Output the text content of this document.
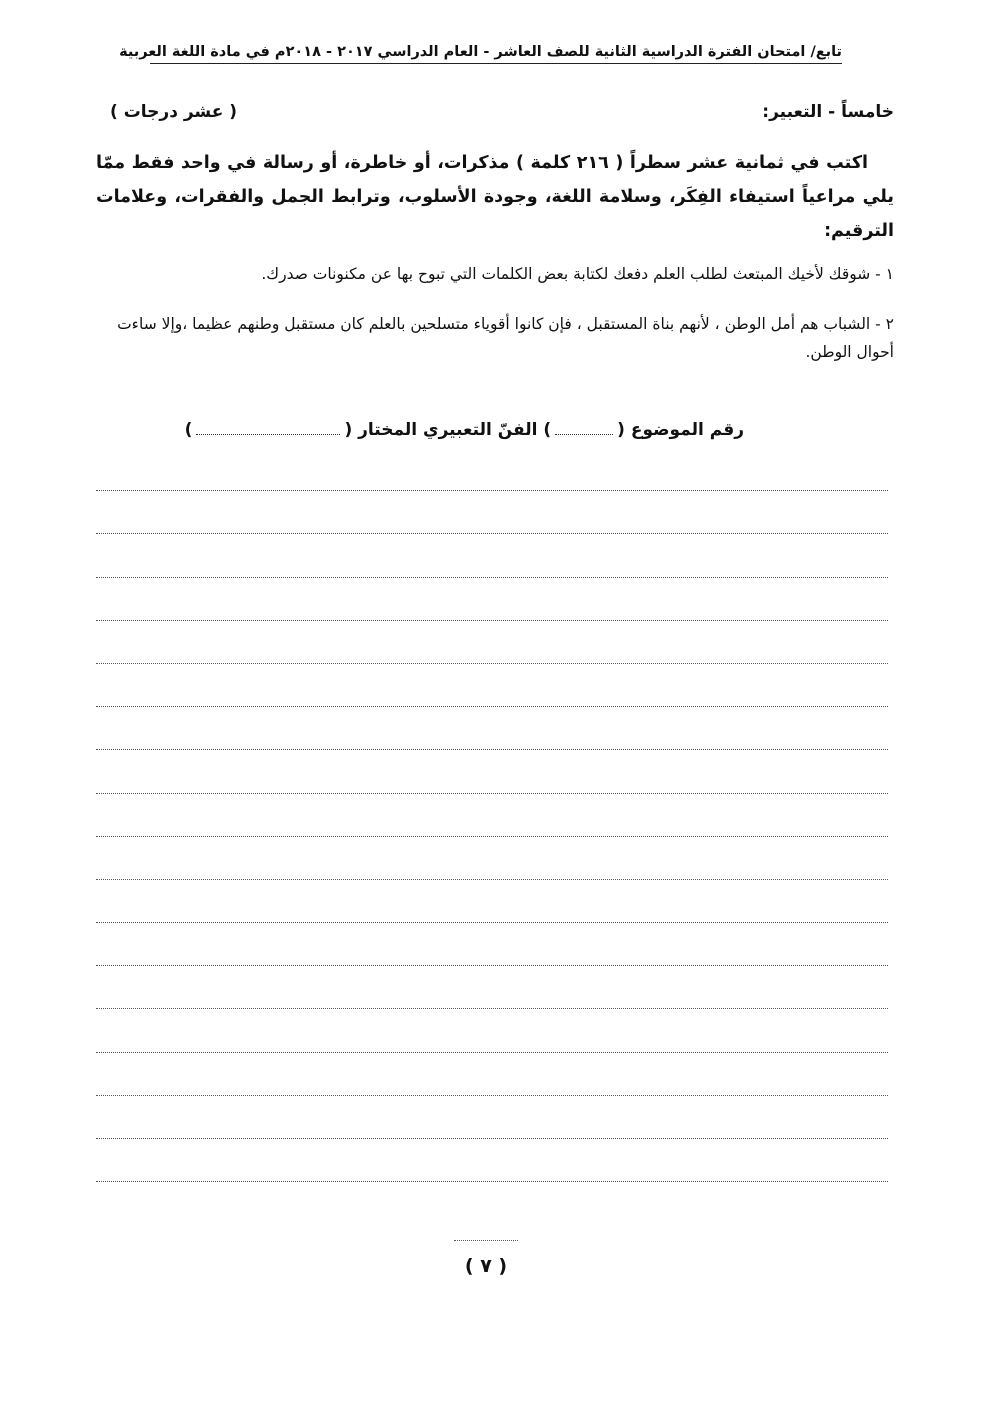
تابع/ امتحان الفترة الدراسية الثانية للصف العاشر - العام الدراسي ٢٠١٧ - ٢٠١٨م في مادة اللغة العربية
خامساً - التعبير:
( عشر درجات )
اكتب في ثمانية عشر سطراً ( ٢١٦ كلمة ) مذكرات، أو خاطرة، أو رسالة في واحد فقط ممّا يلي مراعياً استيفاء الفِكَر، وسلامة اللغة، وجودة الأسلوب، وترابط الجمل والفقرات، وعلامات الترقيم:
١ - شوقك لأخيك المبتعث لطلب العلم دفعك لكتابة بعض الكلمات التي تبوح بها عن مكنونات صدرك.
٢ - الشباب هم أمل الوطن ، لأنهم بناة المستقبل ، فإن كانوا أقوياء متسلحين بالعلم كان مستقبل وطنهم عظيما ،وإلا ساءت أحوال الوطن.
رقم الموضوع () الفنّ التعبيري المختار ()
( ٧ )
